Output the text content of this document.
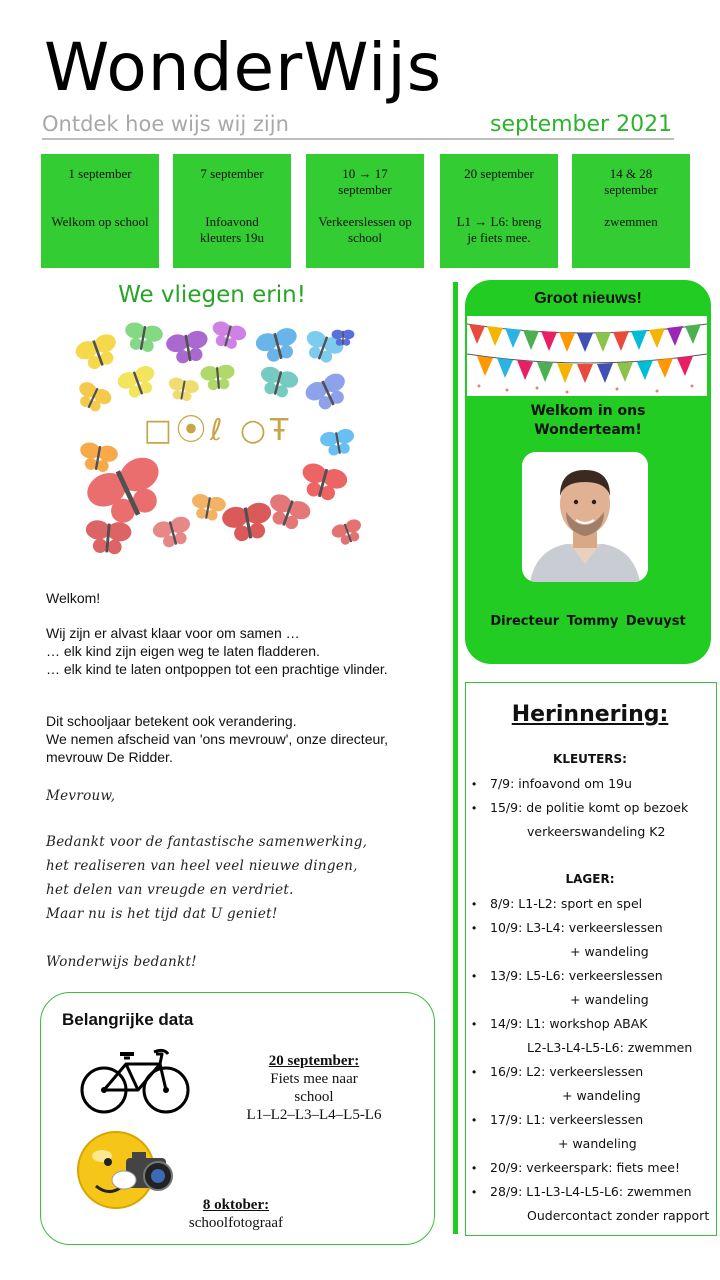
WonderWijs
Ontdek hoe wijs wij zijn	september 2021
1 september
Welkom op school
7 september
Infoavond kleuters 19u
10 → 17 september
Verkeerslessen op school
20 september
L1 → L6: breng je fiets mee.
14 & 28 september
zwemmen
We vliegen erin!
□⦿ℓ ○Ŧ
Welkom!
Wij zijn er alvast klaar voor om samen …
… elk kind zijn eigen weg te laten fladderen.
… elk kind te laten ontpoppen tot een prachtige vlinder.
Dit schooljaar betekent ook verandering.
We nemen afscheid van 'ons mevrouw', onze directeur,
mevrouw De Ridder.
Mevrouw,
Bedankt voor de fantastische samenwerking,
het realiseren van heel veel nieuwe dingen,
het delen van vreugde en verdriet.
Maar nu is het tijd dat U geniet!
Wonderwijs bedankt!
Groot nieuws!
Welkom in ons Wonderteam!
Directeur Tommy Devuyst
Herinnering:
KLEUTERS:
• 7/9: infoavond om 19u
• 15/9: de politie komt op bezoek
verkeerswandeling K2
LAGER:
• 8/9: L1-L2: sport en spel
• 10/9: L3-L4: verkeerslessen
+ wandeling
• 13/9: L5-L6: verkeerslessen
+ wandeling
• 14/9: L1: workshop ABAK
L2-L3-L4-L5-L6: zwemmen
• 16/9: L2: verkeerslessen
+ wandeling
• 17/9: L1: verkeerslessen
+ wandeling
• 20/9: verkeerspark: fiets mee!
• 28/9: L1-L3-L4-L5-L6: zwemmen
Oudercontact zonder rapport
Belangrijke data
20 september:
Fiets mee naar
school
L1–L2–L3–L4–L5-L6
8 oktober:
schoolfotograaf
